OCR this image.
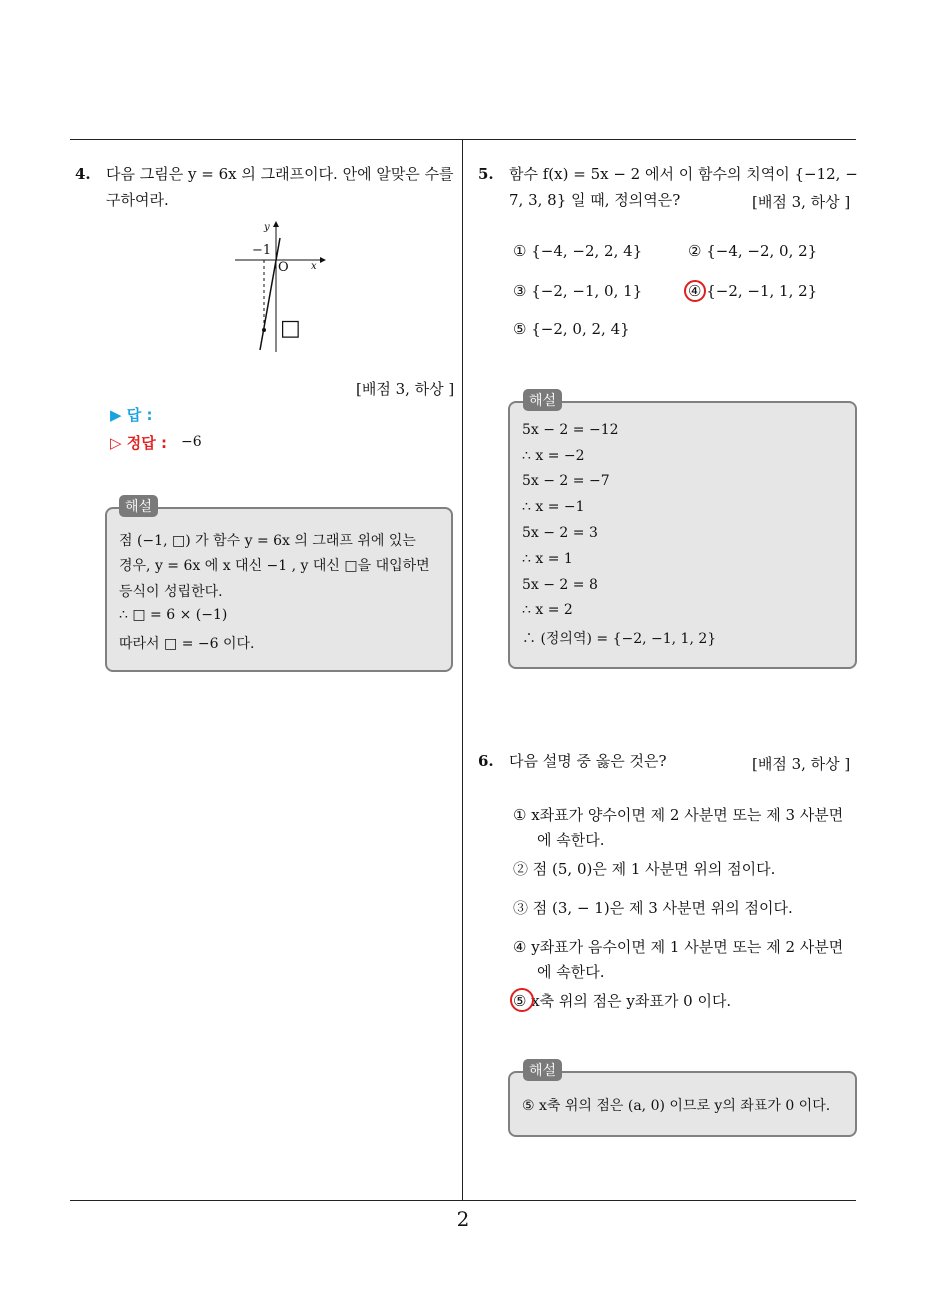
4. 다음 그림은 y = 6x 의 그래프이다. 안에 알맞은 수를
구하여라.
y
x
−1
O
□
[배점 3, 하상 ]
▶ 답 :
▷ 정답 : −6
해설
점 (−1, □) 가 함수 y = 6x 의 그래프 위에 있는
경우, y = 6x 에 x 대신 −1 , y 대신 □을 대입하면
등식이 성립한다.
∴ □ = 6 × (−1)
따라서 □ = −6 이다.
5. 함수 f(x) = 5x − 2 에서 이 함수의 치역이 {−12, −
7, 3, 8} 일 때, 정의역은?	[배점 3, 하상 ]
① {−4, −2, 2, 4}	② {−4, −2, 0, 2}
③ {−2, −1, 0, 1}	④ {−2, −1, 1, 2}
⑤ {−2, 0, 2, 4}
해설
5x − 2 = −12
∴ x = −2
5x − 2 = −7
∴ x = −1
5x − 2 = 3
∴ x = 1
5x − 2 = 8
∴ x = 2
∴ (정의역) = {−2, −1, 1, 2}
6. 다음 설명 중 옳은 것은?	[배점 3, 하상 ]
① x좌표가 양수이면 제 2 사분면 또는 제 3 사분면
에 속한다.
② 점 (5, 0)은 제 1 사분면 위의 점이다.
③ 점 (3, − 1)은 제 3 사분면 위의 점이다.
④ y좌표가 음수이면 제 1 사분면 또는 제 2 사분면
에 속한다.
⑤ x축 위의 점은 y좌표가 0 이다.
해설
⑤ x축 위의 점은 (a, 0) 이므로 y의 좌표가 0 이다.
2
